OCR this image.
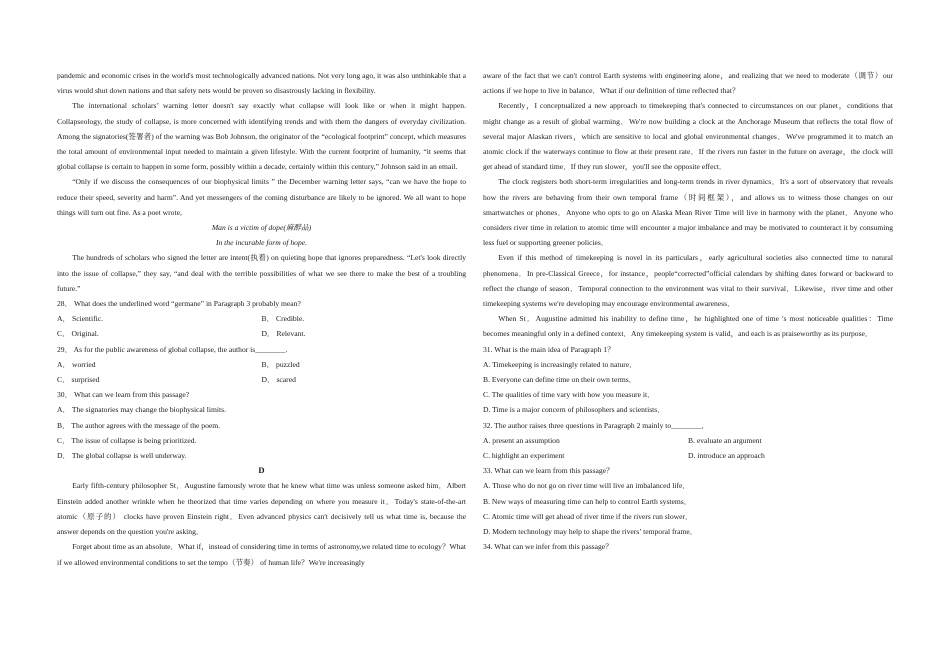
pandemic and economic crises in the world's most technologically advanced nations. Not very long ago, it was also unthinkable that a virus would shut down nations and that safety nets would be proven so disastrously lacking in flexibility.

The international scholars’ warning letter doesn't say exactly what collapse will look like or when it might happen. Collapseology, the study of collapse, is more concerned with identifying trends and with them the dangers of everyday civilization. Among the signatories(签署者) of the warning was Bob Johnson, the originator of the “ecological footprint” concept, which measures the total amount of environmental input needed to maintain a given lifestyle. With the current footprint of humanity, “it seems that global collapse is certain to happen in some form, possibly within a decade, certainly within this century,” Johnson said in an email.

“Only if we discuss the consequences of our biophysical limits ” the December warning letter says, “can we have the hope to reduce their speed, severity and harm”. And yet messengers of the coming disturbance are likely to be ignored. We all want to hope things will turn out fine. As a poet wrote,

Man is a victim of dope(麻醉品)

In the incurable form of hope.

The hundreds of scholars who signed the letter are intent(执着) on quieting hope that ignores preparedness. “Let's look directly into the issue of collapse,” they say, “and deal with the terrible possibilities of what we see there to make the best of a troubling future.”

28． What does the underlined word “germane” in Paragraph 3 probably mean?

A． Scientific.	B． Credible.
C． Original.	D． Relevant.

29． As for the public awareness of global collapse, the author is________.

A． worried	B． puzzled
C． surprised	D． scared

30． What can we learn from this passage?

A． The signatories may change the biophysical limits.

B． The author agrees with the message of the poem.

C． The issue of collapse is being prioritized.

D． The global collapse is well underway.

D

Early fifth-century philosopher St．Augustine famously wrote that he knew what time was unless someone asked him．Albert Einstein added another wrinkle when he theorized that time varies depending on where you measure it．Today's state-of-the-art atomic（原子的） clocks have proven Einstein right．Even advanced physics can't decisively tell us what time is, because the answer depends on the question you're asking．

Forget about time as an absolute．What if，instead of considering time in terms of astronomy,we related time to ecology？What if we allowed environmental conditions to set the tempo（节奏） of human life？We're increasingly

aware of the fact that we can't control Earth systems with engineering alone，and realizing that we need to moderate（调节）our actions if we hope to live in balance．What if our definition of time reflected that？

Recently，I conceptualized a new approach to timekeeping that's connected to circumstances on our planet，conditions that might change as a result of global warming．We're now building a clock at the Anchorage Museum that reflects the total flow of several major Alaskan rivers，which are sensitive to local and global environmental changes．We've programmed it to match an atomic clock if the waterways continue to flow at their present rate．If the rivers run faster in the future on average，the clock will get ahead of standard time．If they run slower，you'll see the opposite effect．

The clock registers both short-term irregularities and long-term trends in river dynamics．It's a sort of observatory that reveals how the rivers are behaving from their own temporal frame（时间框架），and allows us to witness those changes on our smartwatches or phones．Anyone who opts to go on Alaska Mean River Time will live in harmony with the planet．Anyone who considers river time in relation to atomic time will encounter a major imbalance and may be motivated to counteract it by consuming less fuel or supporting greener policies．

Even if this method of timekeeping is novel in its particulars，early agricultural societies also connected time to natural phenomena．In pre-Classical Greece，for instance，people“corrected”official calendars by shifting dates forward or backward to reflect the change of season．Temporal connection to the environment was vital to their survival．Likewise，river time and other timekeeping systems we're developing may encourage environmental awareness．

When St．Augustine admitted his inability to define time，he highlighted one of time 's most noticeable qualities：Time becomes meaningful only in a defined context．Any timekeeping system is valid，and each is as praiseworthy as its purpose．

31. What is the main idea of Paragraph 1？

A. Timekeeping is increasingly related to nature．

B. Everyone can define time on their own terms．

C. The qualities of time vary with how you measure it．

D. Time is a major concern of philosophers and scientists．

32. The author raises three questions in Paragraph 2 mainly to________．

A. present an assumption	B. evaluate an argument
C. highlight an experiment	D. introduce an approach

33. What can we learn from this passage？

A. Those who do not go on river time will live an imbalanced life．

B. New ways of measuring time can help to control Earth systems．

C. Atomic time will get ahead of river time if the rivers run slower．

D. Modern technology may help to shape the rivers’ temporal frame．

34. What can we infer from this passage？
